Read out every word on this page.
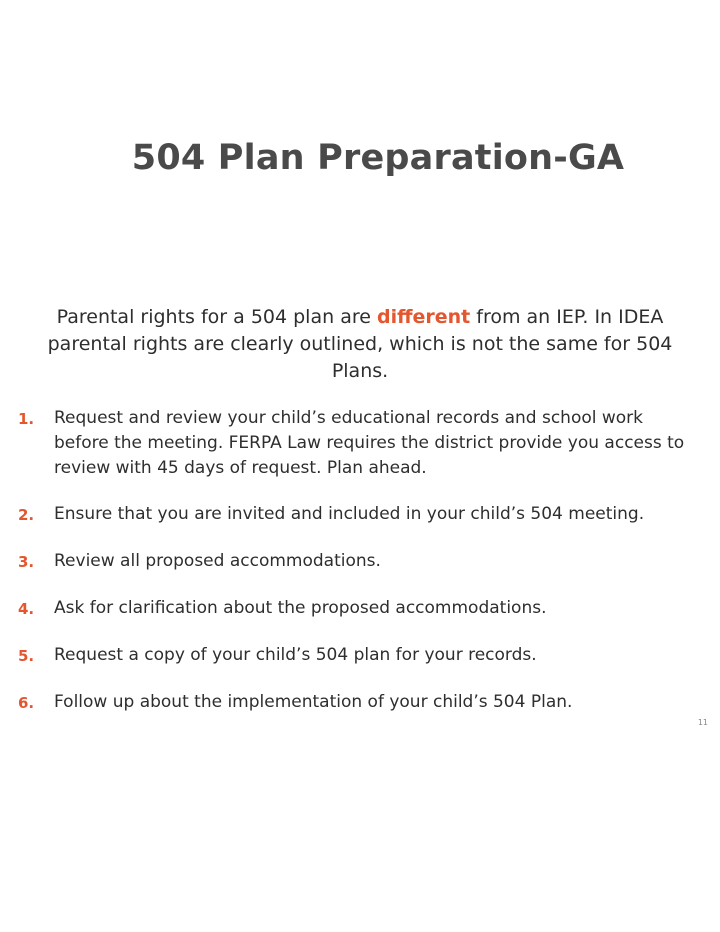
504 Plan Preparation-GA
Parental rights for a 504 plan are different from an IEP. In IDEA parental rights are clearly outlined, which is not the same for 504 Plans.
1.	Request and review your child’s educational records and school work before the meeting. FERPA Law requires the district provide you access to review with 45 days of request. Plan ahead.
2.	Ensure that you are invited and included in your child’s 504 meeting.
3.	Review all proposed accommodations.
4.	Ask for clarification about the proposed accommodations.
5.	Request a copy of your child’s 504 plan for your records.
6.	Follow up about the implementation of your child’s 504 Plan.
11
